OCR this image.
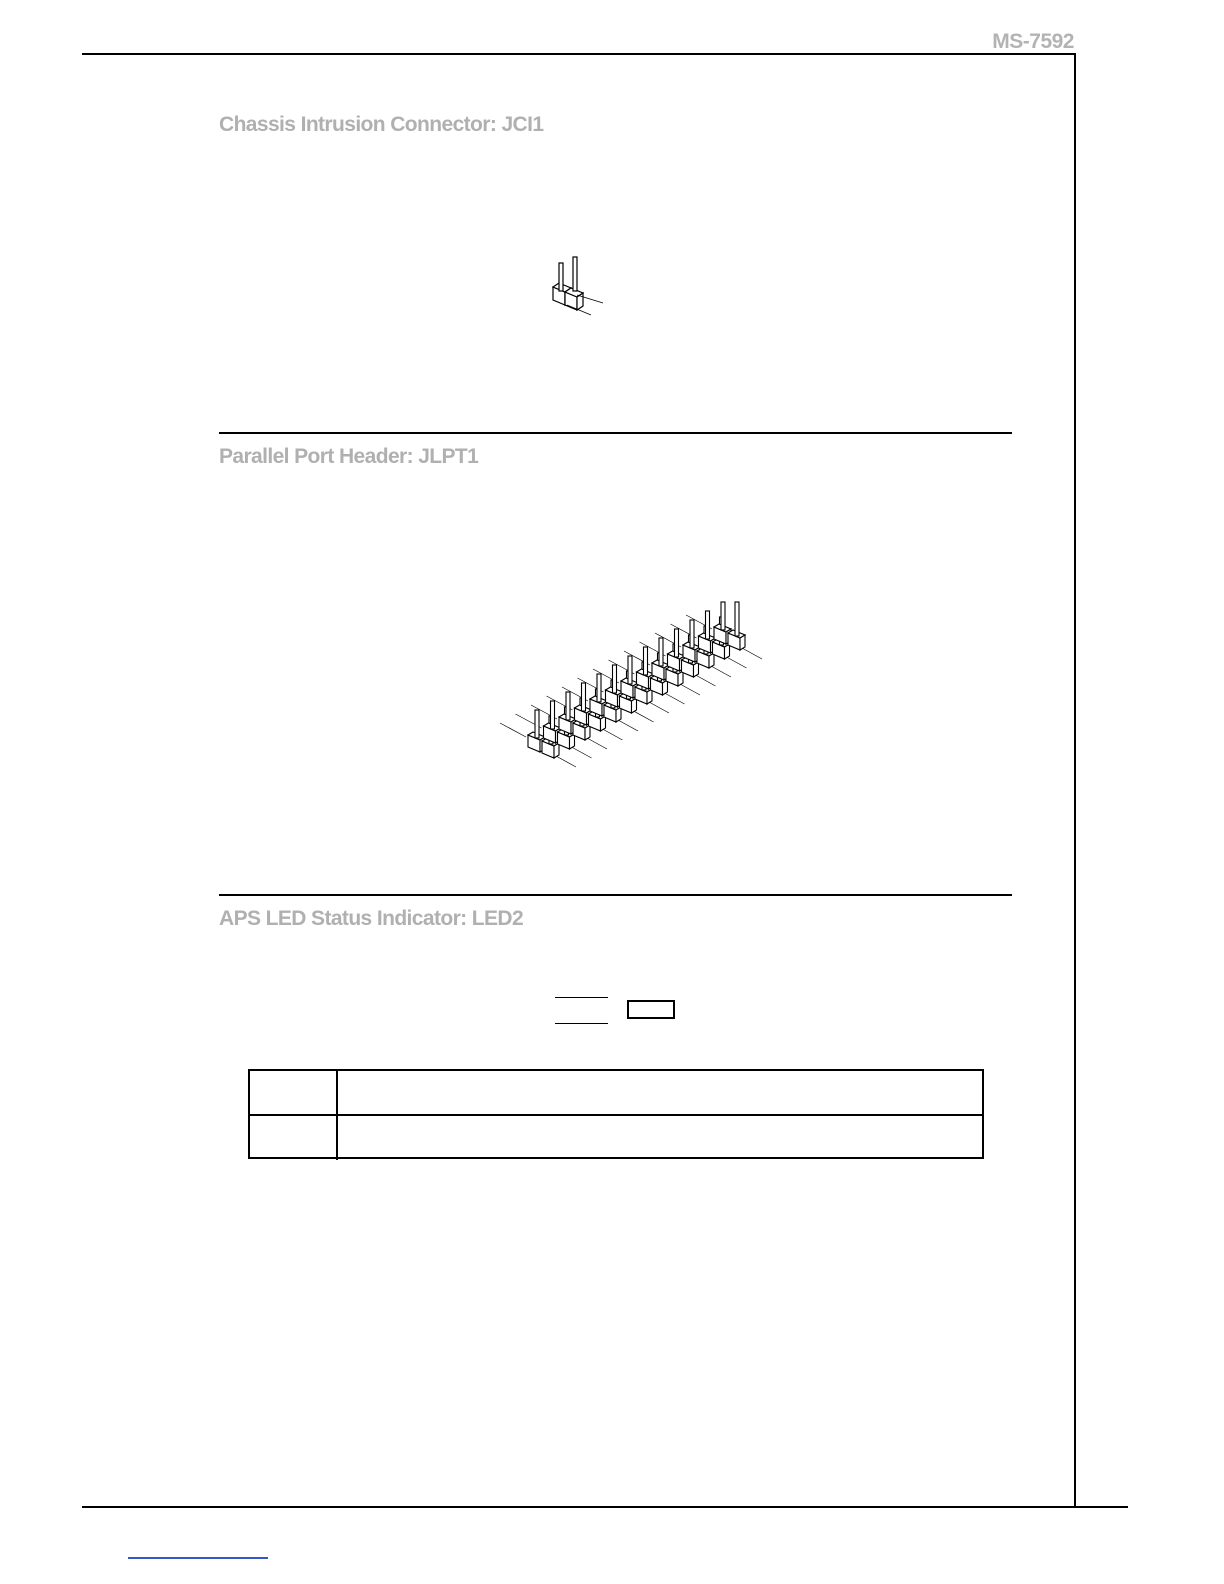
MS-7592
Chassis Intrusion Connector: JCI1
Parallel Port Header: JLPT1
APS LED Status Indicator: LED2
